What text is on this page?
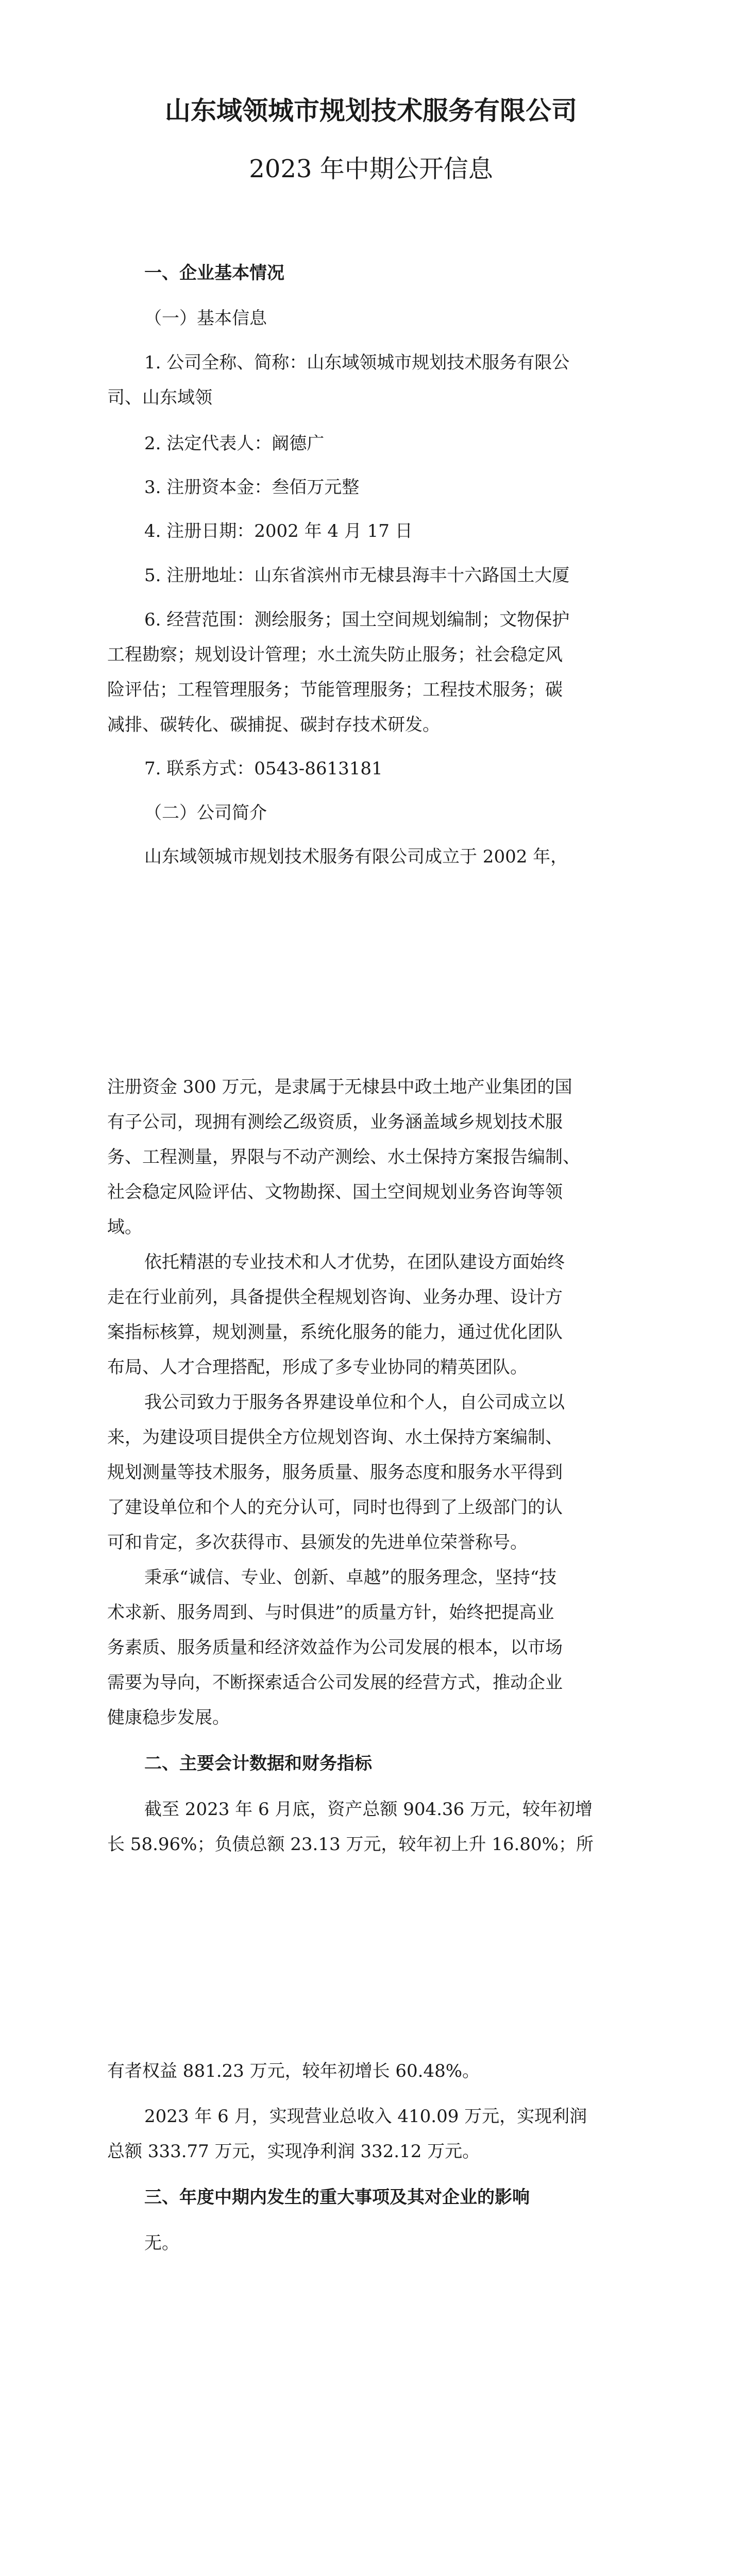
山东域领城市规划技术服务有限公司
2023 年中期公开信息
一、企业基本情况
（一）基本信息
1. 公司全称、简称：山东域领城市规划技术服务有限公
司、山东域领
2. 法定代表人：阚德广
3. 注册资本金：叁佰万元整
4. 注册日期：2002 年 4 月 17 日
5. 注册地址：山东省滨州市无棣县海丰十六路国土大厦
6. 经营范围：测绘服务；国土空间规划编制；文物保护
工程勘察；规划设计管理；水土流失防止服务；社会稳定风
险评估；工程管理服务；节能管理服务；工程技术服务；碳
减排、碳转化、碳捕捉、碳封存技术研发。
7. 联系方式：0543-8613181
（二）公司简介
山东域领城市规划技术服务有限公司成立于 2002 年，
注册资金 300 万元，是隶属于无棣县中政土地产业集团的国
有子公司，现拥有测绘乙级资质，业务涵盖域乡规划技术服
务、工程测量，界限与不动产测绘、水土保持方案报告编制、
社会稳定风险评估、文物勘探、国土空间规划业务咨询等领
域。
依托精湛的专业技术和人才优势，在团队建设方面始终
走在行业前列，具备提供全程规划咨询、业务办理、设计方
案指标核算，规划测量，系统化服务的能力，通过优化团队
布局、人才合理搭配，形成了多专业协同的精英团队。
我公司致力于服务各界建设单位和个人，自公司成立以
来，为建设项目提供全方位规划咨询、水土保持方案编制、
规划测量等技术服务，服务质量、服务态度和服务水平得到
了建设单位和个人的充分认可，同时也得到了上级部门的认
可和肯定，多次获得市、县颁发的先进单位荣誉称号。
秉承“诚信、专业、创新、卓越”的服务理念，坚持“技
术求新、服务周到、与时俱进”的质量方针，始终把提高业
务素质、服务质量和经济效益作为公司发展的根本，以市场
需要为导向，不断探索适合公司发展的经营方式，推动企业
健康稳步发展。
二、主要会计数据和财务指标
截至 2023 年 6 月底，资产总额 904.36 万元，较年初增
长 58.96%；负债总额 23.13 万元，较年初上升 16.80%；所
有者权益 881.23 万元，较年初增长 60.48%。
2023 年 6 月，实现营业总收入 410.09 万元，实现利润
总额 333.77 万元，实现净利润 332.12 万元。
三、年度中期内发生的重大事项及其对企业的影响
无。
